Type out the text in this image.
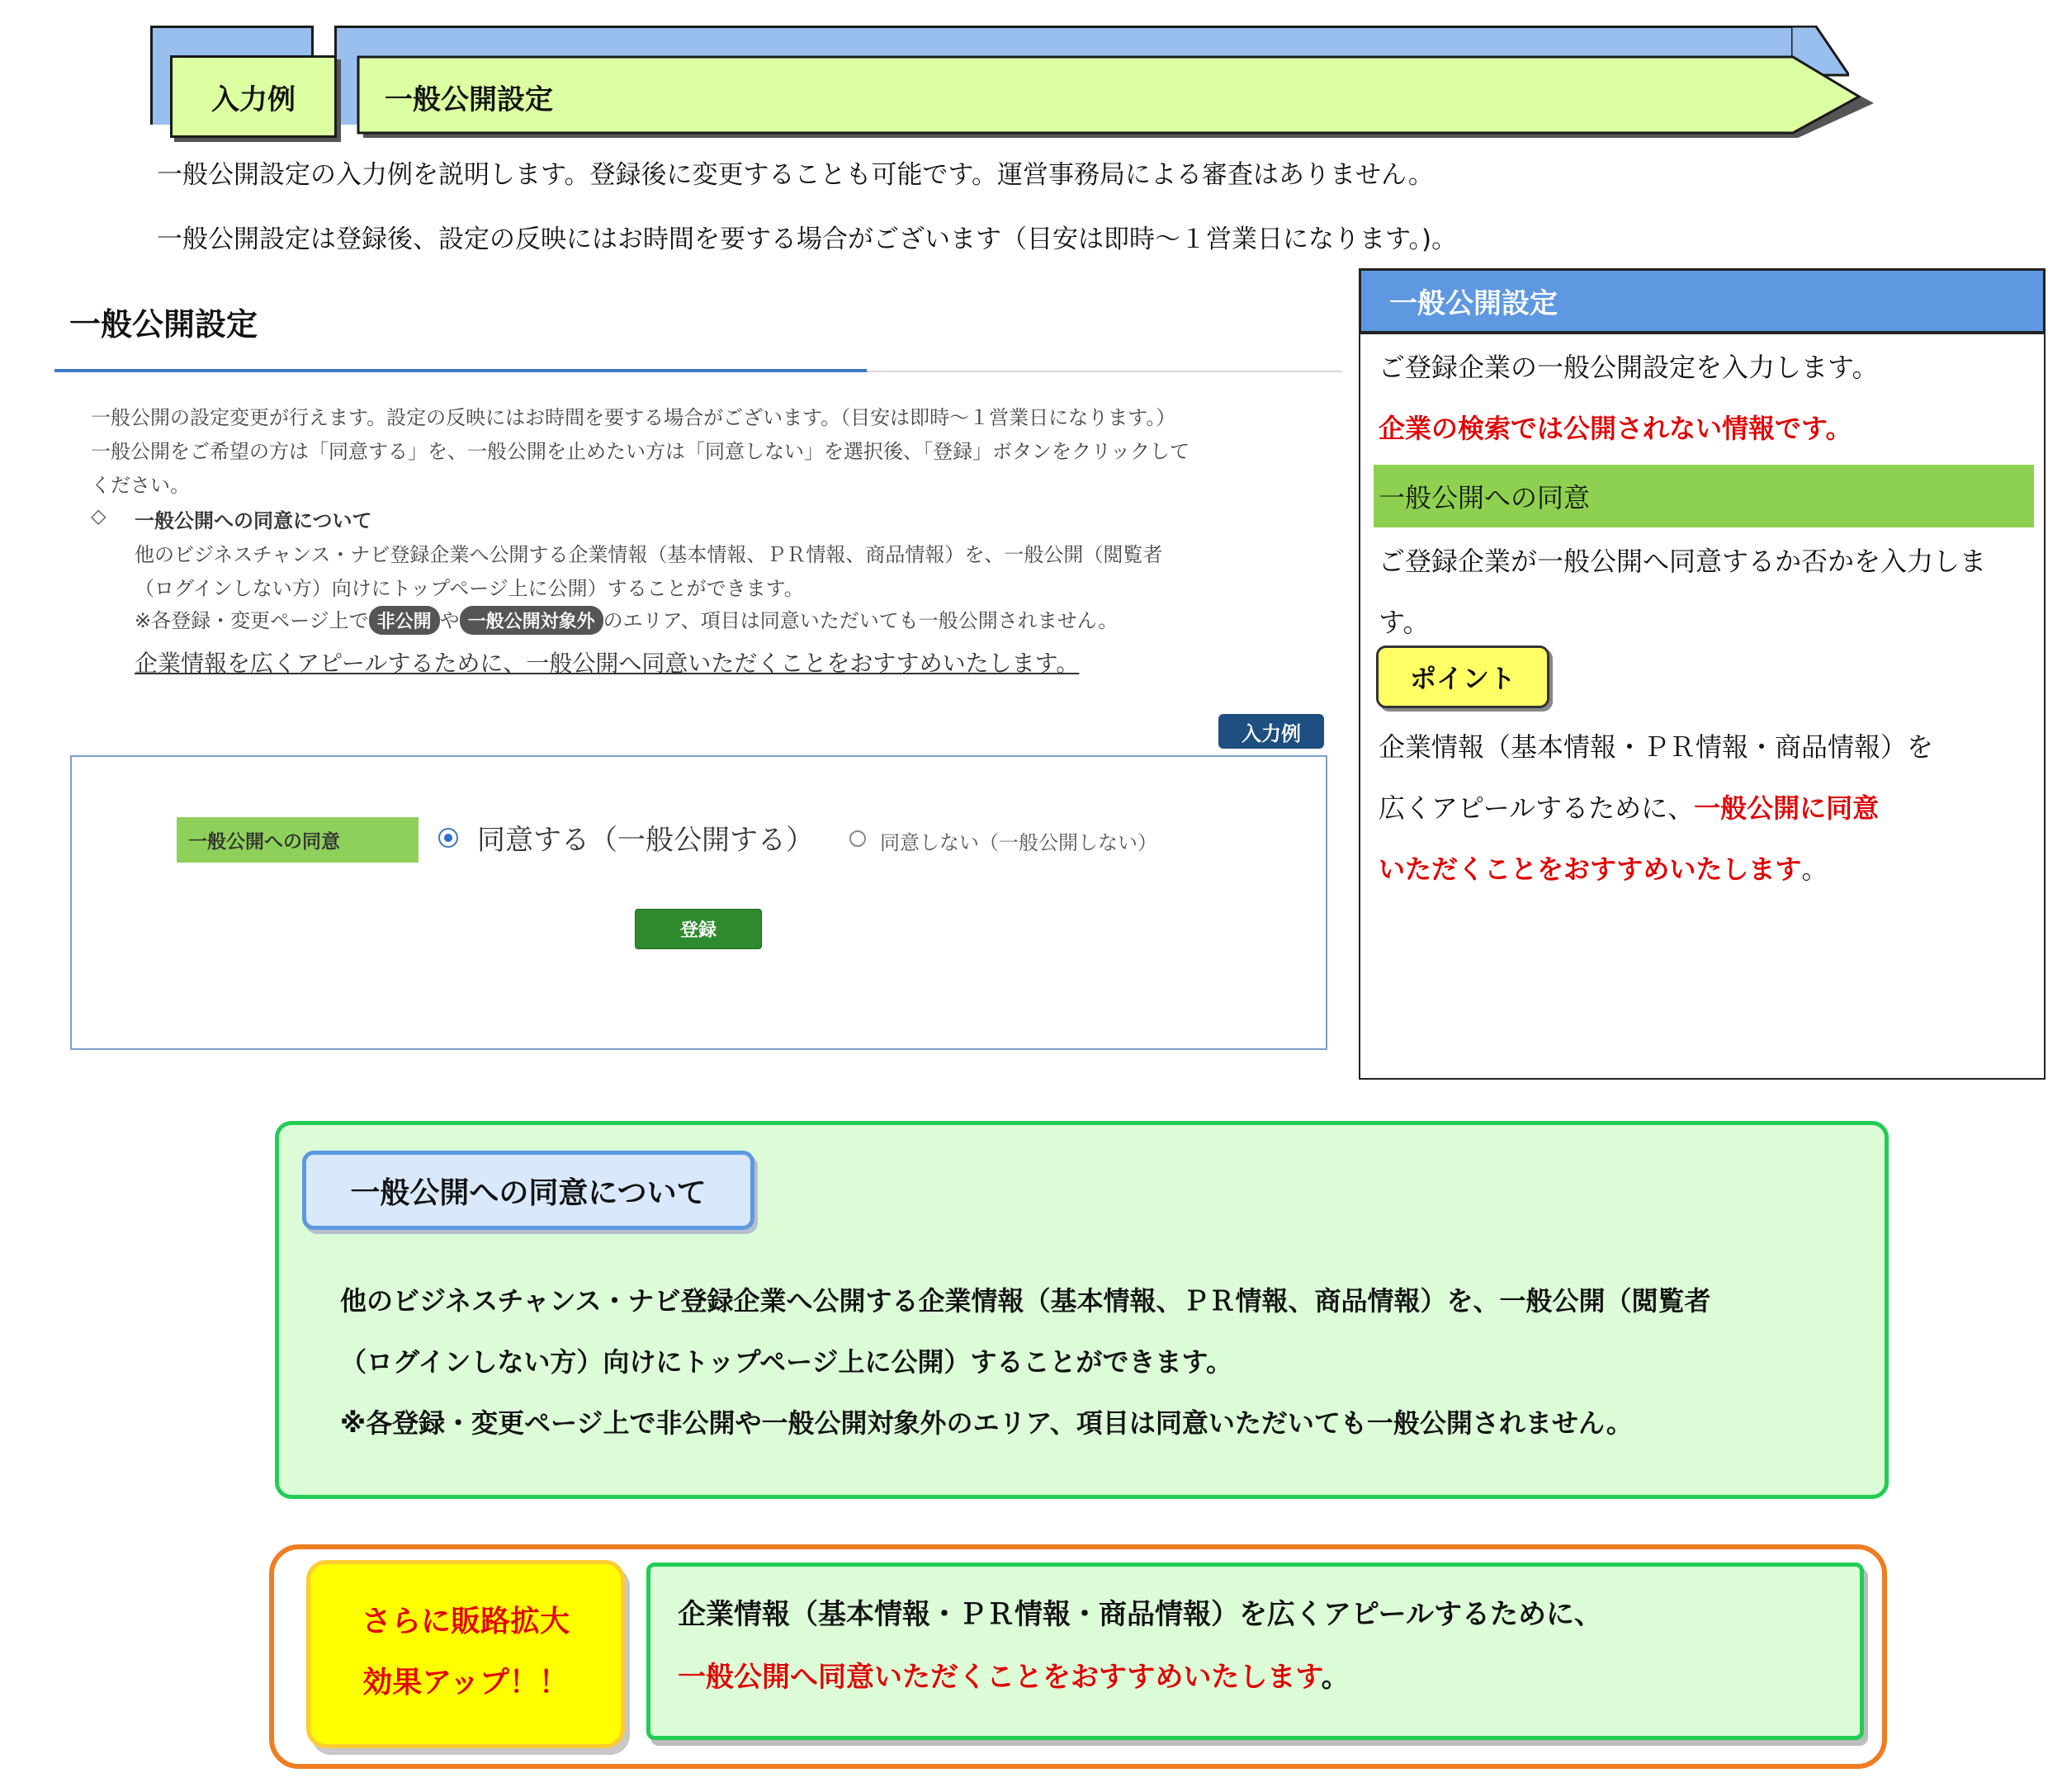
入力例	一般公開設定
一般公開設定の入力例を説明します。登録後に変更することも可能です。運営事務局による審査はありません。
一般公開設定は登録後、設定の反映にはお時間を要する場合がございます（目安は即時～１営業日になります。)。
一般公開設定
一般公開の設定変更が行えます。設定の反映にはお時間を要する場合がございます。（目安は即時～１営業日になります。）
一般公開をご希望の方は「同意する」を、一般公開を止めたい方は「同意しない」を選択後、「登録」ボタンをクリックして
ください。
◇ 一般公開への同意について
他のビジネスチャンス・ナビ登録企業へ公開する企業情報（基本情報、ＰＲ情報、商品情報）を、一般公開（閲覧者
（ログインしない方）向けにトップページ上に公開）することができます。
※各登録・変更ページ上で 非公開 や 一般公開対象外 のエリア、項目は同意いただいても一般公開されません。
企業情報を広くアピールするために、一般公開へ同意いただくことをおすすめいたします。
入力例
一般公開への同意	同意する（一般公開する）	同意しない（一般公開しない）
登録
一般公開設定
ご登録企業の一般公開設定を入力します。
企業の検索では公開されない情報です。
一般公開への同意
ご登録企業が一般公開へ同意するか否かを入力しま
す。
ポイント
企業情報（基本情報・ＰＲ情報・商品情報）を
広くアピールするために、一般公開に同意
いただくことをおすすめいたします。
一般公開への同意について
他のビジネスチャンス・ナビ登録企業へ公開する企業情報（基本情報、ＰＲ情報、商品情報）を、一般公開（閲覧者
（ログインしない方）向けにトップページ上に公開）することができます。
※各登録・変更ページ上で非公開や一般公開対象外のエリア、項目は同意いただいても一般公開されません。
さらに販路拡大
効果アップ！！
企業情報（基本情報・ＰＲ情報・商品情報）を広くアピールするために、
一般公開へ同意いただくことをおすすめいたします。
